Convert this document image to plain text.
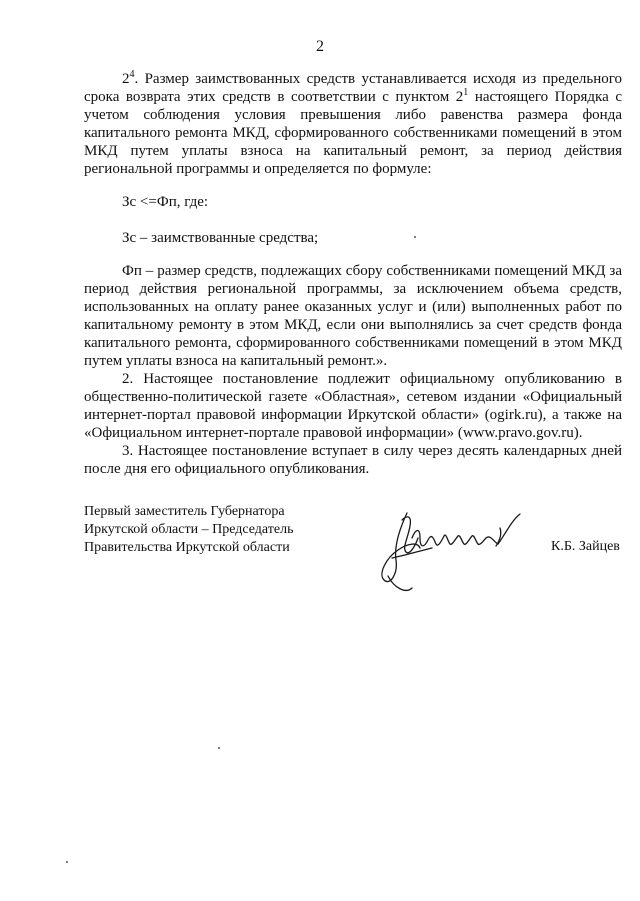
2

$2^4$. Размер заимствованных средств устанавливается исходя из предельного срока возврата этих средств в соответствии с пунктом $2^1$ настоящего Порядка с учетом соблюдения условия превышения либо равенства размера фонда капитального ремонта МКД, сформированного собственниками помещений в этом МКД путем уплаты взноса на капитальный ремонт, за период действия региональной программы и определяется по формуле:

Зс <=Фп, где:
Зс – заимствованные средства;

Фп – размер средств, подлежащих сбору собственниками помещений МКД за период действия региональной программы, за исключением объема средств, использованных на оплату ранее оказанных услуг и (или) выполненных работ по капитальному ремонту в этом МКД, если они выполнялись за счет средств фонда капитального ремонта, сформированного собственниками помещений в этом МКД путем уплаты взноса на капитальный ремонт.».

2. Настоящее постановление подлежит официальному опубликованию в общественно-политической газете «Областная», сетевом издании «Официальный интернет-портал правовой информации Иркутской области» (ogirk.ru), а также на «Официальном интернет-портале правовой информации» (www.pravo.gov.ru).

3. Настоящее постановление вступает в силу через десять календарных дней после дня его официального опубликования.

Первый заместитель Губернатора
Иркутской области – Председатель
Правительства Иркутской области	К.Б. Зайцев
